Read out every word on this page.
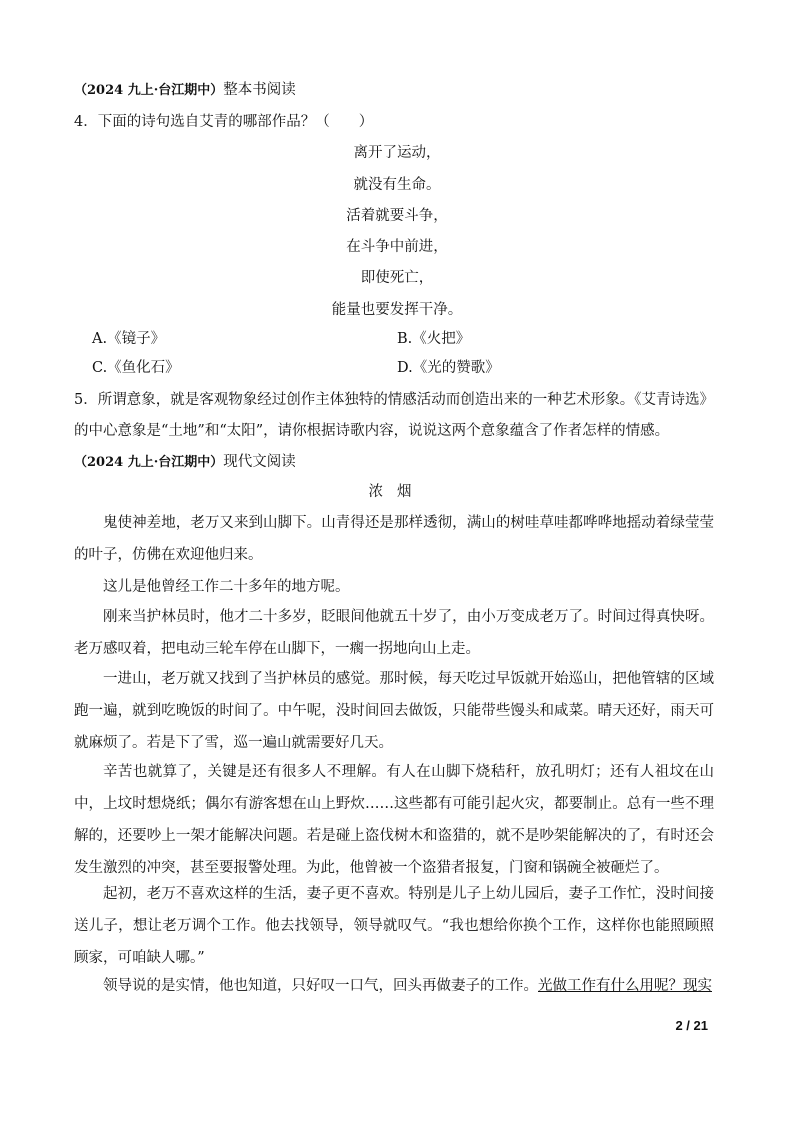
（2024 九上·台江期中）整本书阅读
4．下面的诗句选自艾青的哪部作品？（　　）
离开了运动，
就没有生命。
活着就要斗争，
在斗争中前进，
即使死亡，
能量也要发挥干净。
A.《镜子》	B.《火把》
C.《鱼化石》	D.《光的赞歌》
5．所谓意象，就是客观物象经过创作主体独特的情感活动而创造出来的一种艺术形象。《艾青诗选》
的中心意象是“土地”和“太阳”，请你根据诗歌内容，说说这两个意象蕴含了作者怎样的情感。
（2024 九上·台江期中）现代文阅读
浓烟
鬼使神差地，老万又来到山脚下。山青得还是那样透彻，满山的树哇草哇都哗哗地摇动着绿莹莹的叶子，仿佛在欢迎他归来。
这儿是他曾经工作二十多年的地方呢。
刚来当护林员时，他才二十多岁，眨眼间他就五十岁了，由小万变成老万了。时间过得真快呀。老万感叹着，把电动三轮车停在山脚下，一瘸一拐地向山上走。
一进山，老万就又找到了当护林员的感觉。那时候，每天吃过早饭就开始巡山，把他管辖的区域跑一遍，就到吃晚饭的时间了。中午呢，没时间回去做饭，只能带些馒头和咸菜。晴天还好，雨天可就麻烦了。若是下了雪，巡一遍山就需要好几天。
辛苦也就算了，关键是还有很多人不理解。有人在山脚下烧秸秆，放孔明灯；还有人祖坟在山中，上坟时想烧纸；偶尔有游客想在山上野炊……这些都有可能引起火灾，都要制止。总有一些不理解的，还要吵上一架才能解决问题。若是碰上盗伐树木和盗猎的，就不是吵架能解决的了，有时还会发生激烈的冲突，甚至要报警处理。为此，他曾被一个盗猎者报复，门窗和锅碗全被砸烂了。
起初，老万不喜欢这样的生活，妻子更不喜欢。特别是儿子上幼儿园后，妻子工作忙，没时间接送儿子，想让老万调个工作。他去找领导，领导就叹气。“我也想给你换个工作，这样你也能照顾照顾家，可咱缺人哪。”
领导说的是实情，他也知道，只好叹一口气，回头再做妻子的工作。光做工作有什么用呢？现实
2 / 21
